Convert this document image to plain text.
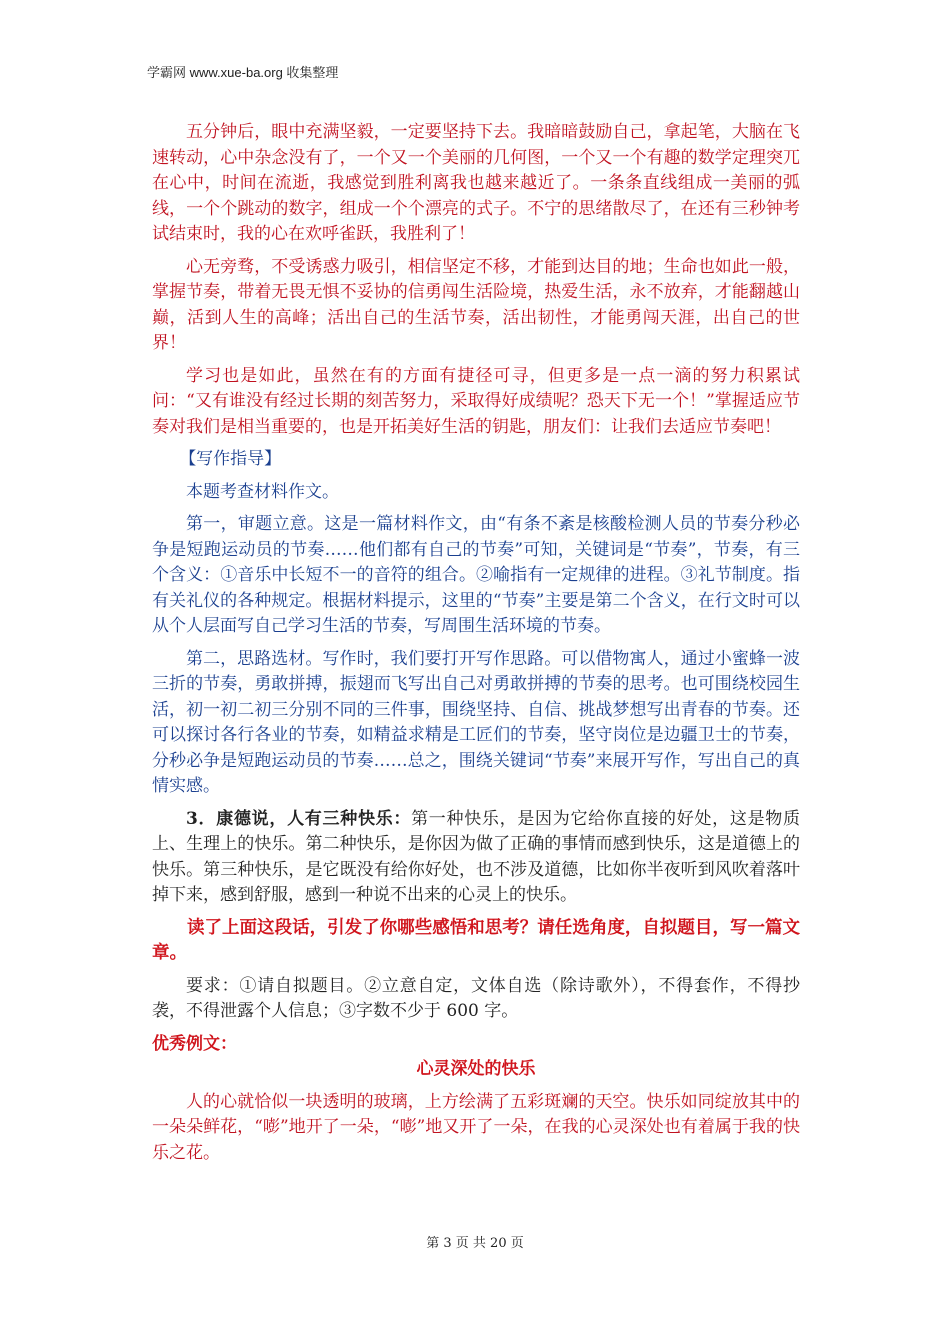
学霸网 www.xue-ba.org 收集整理

五分钟后，眼中充满坚毅，一定要坚持下去。我暗暗鼓励自己，拿起笔，大脑在飞速转动，心中杂念没有了，一个又一个美丽的几何图，一个又一个有趣的数学定理突兀在心中，时间在流逝，我感觉到胜利离我也越来越近了。一条条直线组成一美丽的弧线，一个个跳动的数字，组成一个个漂亮的式子。不宁的思绪散尽了，在还有三秒钟考试结束时，我的心在欢呼雀跃，我胜利了！

心无旁骛，不受诱惑力吸引，相信坚定不移，才能到达目的地；生命也如此一般，掌握节奏，带着无畏无惧不妥协的信勇闯生活险境，热爱生活，永不放弃，才能翻越山巅，活到人生的高峰；活出自己的生活节奏，活出韧性，才能勇闯天涯，出自己的世界！

学习也是如此，虽然在有的方面有捷径可寻，但更多是一点一滴的努力积累试问：“又有谁没有经过长期的刻苦努力，采取得好成绩呢？恐天下无一个！”掌握适应节奏对我们是相当重要的，也是开拓美好生活的钥匙，朋友们：让我们去适应节奏吧！

【写作指导】

本题考查材料作文。

第一，审题立意。这是一篇材料作文，由“有条不紊是核酸检测人员的节奏分秒必争是短跑运动员的节奏……他们都有自己的节奏”可知，关键词是“节奏”，节奏，有三个含义：①音乐中长短不一的音符的组合。②喻指有一定规律的进程。③礼节制度。指有关礼仪的各种规定。根据材料提示，这里的“节奏”主要是第二个含义，在行文时可以从个人层面写自己学习生活的节奏，写周围生活环境的节奏。

第二，思路选材。写作时，我们要打开写作思路。可以借物寓人，通过小蜜蜂一波三折的节奏，勇敢拼搏，振翅而飞写出自己对勇敢拼搏的节奏的思考。也可围绕校园生活，初一初二初三分别不同的三件事，围绕坚持、自信、挑战梦想写出青春的节奏。还可以探讨各行各业的节奏，如精益求精是工匠们的节奏，坚守岗位是边疆卫士的节奏，分秒必争是短跑运动员的节奏……总之，围绕关键词“节奏”来展开写作，写出自己的真情实感。

3．康德说，人有三种快乐：第一种快乐，是因为它给你直接的好处，这是物质上、生理上的快乐。第二种快乐，是你因为做了正确的事情而感到快乐，这是道德上的快乐。第三种快乐，是它既没有给你好处，也不涉及道德，比如你半夜听到风吹着落叶掉下来，感到舒服，感到一种说不出来的心灵上的快乐。

读了上面这段话，引发了你哪些感悟和思考？请任选角度，自拟题目，写一篇文章。

要求：①请自拟题目。②立意自定，文体自选（除诗歌外），不得套作，不得抄袭，不得泄露个人信息；③字数不少于 600 字。

优秀例文：

心灵深处的快乐

人的心就恰似一块透明的玻璃，上方绘满了五彩斑斓的天空。快乐如同绽放其中的一朵朵鲜花，“嘭”地开了一朵，“嘭”地又开了一朵，在我的心灵深处也有着属于我的快乐之花。

第 3 页 共 20 页
